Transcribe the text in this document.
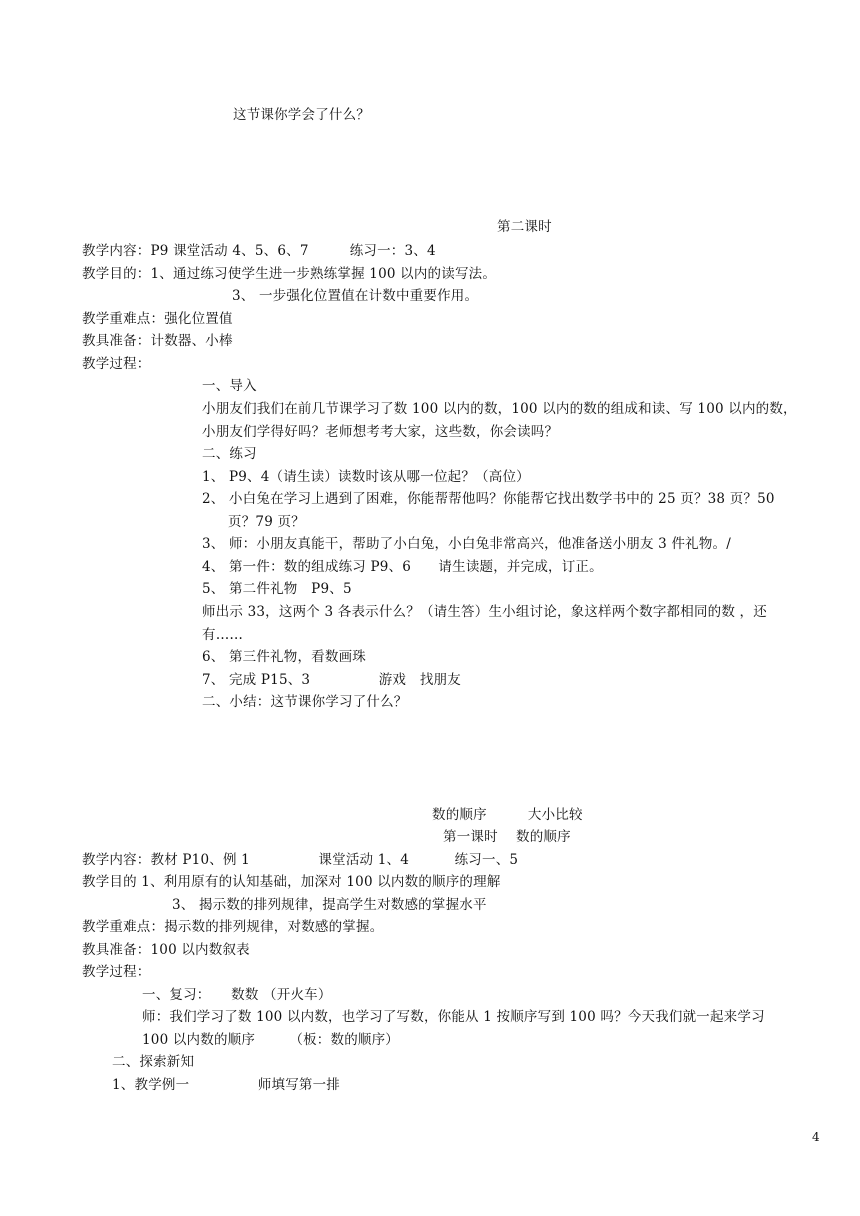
这节课你学会了什么？
第二课时
教学内容：P9 课堂活动 4、5、6、7　　　练习一：3、4
教学目的：1、通过练习使学生进一步熟练掌握 100 以内的读写法。
3、 一步强化位置值在计数中重要作用。
教学重难点：强化位置值
教具准备：计数器、小棒
教学过程：
一、导入
小朋友们我们在前几节课学习了数 100 以内的数，100 以内的数的组成和读、写 100 以内的数，
小朋友们学得好吗？老师想考考大家，这些数，你会读吗？
二、练习
1、 P9、4（请生读）读数时该从哪一位起？（高位）
2、 小白兔在学习上遇到了困难，你能帮帮他吗？你能帮它找出数学书中的 25 页？38 页？50
页？79 页？
3、 师：小朋友真能干，帮助了小白兔，小白兔非常高兴，他准备送小朋友 3 件礼物。/
4、 第一件：数的组成练习 P9、6　　请生读题，并完成，订正。
5、 第二件礼物　P9、5
师出示 33，这两个 3 各表示什么？（请生答）生小组讨论，象这样两个数字都相同的数 ，还
有……
6、 第三件礼物，看数画珠
7、 完成 P15、3　　　　　游戏　找朋友
二、小结：这节课你学习了什么？
数的顺序　　　大小比较
第一课时　 数的顺序
教学内容：教材 P10、例 1　　　　　课堂活动 1、4　　　 练习一、5
教学目的 1、利用原有的认知基础，加深对 100 以内数的顺序的理解
3、 揭示数的排列规律，提高学生对数感的掌握水平
教学重难点：揭示数的排列规律，对数感的掌握。
教具准备：100 以内数叙表
教学过程：
一、复习：　　数数 （开火车）
师：我们学习了数 100 以内数，也学习了写数，你能从 1 按顺序写到 100 吗？今天我们就一起来学习
100 以内数的顺序　　　（板：数的顺序）
二、探索新知
1、教学例一　　　　　师填写第一排
4
